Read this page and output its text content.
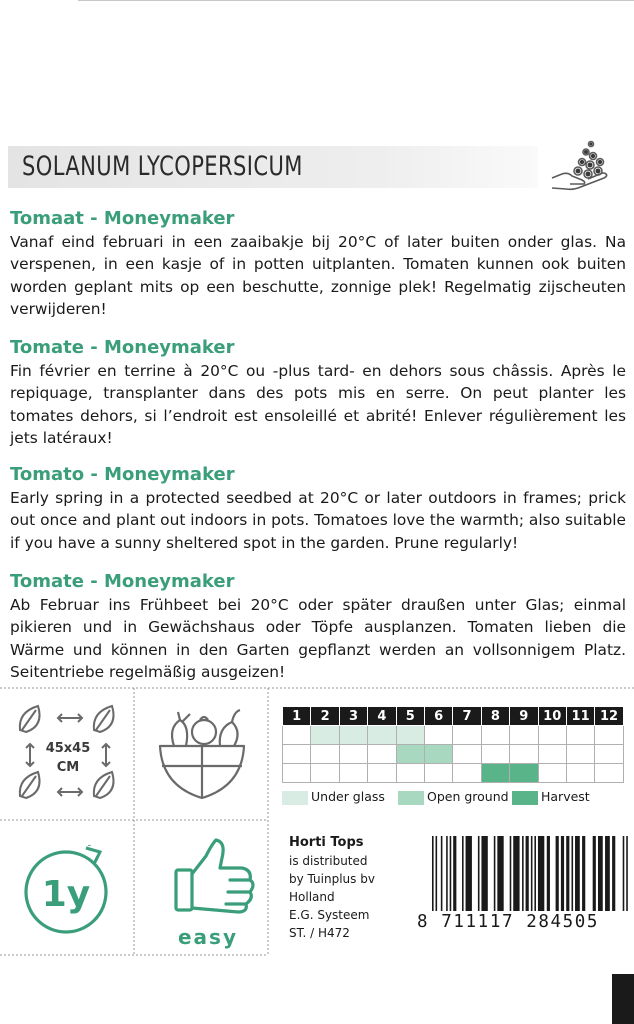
SOLANUM LYCOPERSICUM
Tomaat - Moneymaker

Vanaf eind februari in een zaaibakje bij 20°C of later buiten onder glas. Na verspenen, in een kasje of in potten uitplanten. Tomaten kunnen ook buiten worden geplant mits op een beschutte, zonnige plek! Regelmatig zijscheuten verwijderen!

Tomate - Moneymaker

Fin février en terrine à 20°C ou -plus tard- en dehors sous châssis. Après le repiquage, transplanter dans des pots mis en serre. On peut planter les tomates dehors, si l’endroit est ensoleillé et abrité! Enlever régulièrement les jets latéraux!

Tomato - Moneymaker

Early spring in a protected seedbed at 20°C or later outdoors in frames; prick out once and plant out indoors in pots. Tomatoes love the warmth; also suitable if you have a sunny sheltered spot in the garden. Prune regularly!

Tomate - Moneymaker

Ab Februar ins Frühbeet bei 20°C oder später draußen unter Glas; einmal pikieren und in Gewächshaus oder Töpfe ausplanzen. Tomaten lieben die Wärme und können in den Garten gepflanzt werden an vollsonnigem Platz. Seitentriebe regelmäßig ausgeizen!

45x45
CM
1y
easy
1	2	3	4	5	6	7	8	9	10	11	12

Under glass	Open ground	Harvest
Horti Tops
is distributed
by Tuinplus bv
Holland
E.G. Systeem
ST. / H472
8 711117 284505
